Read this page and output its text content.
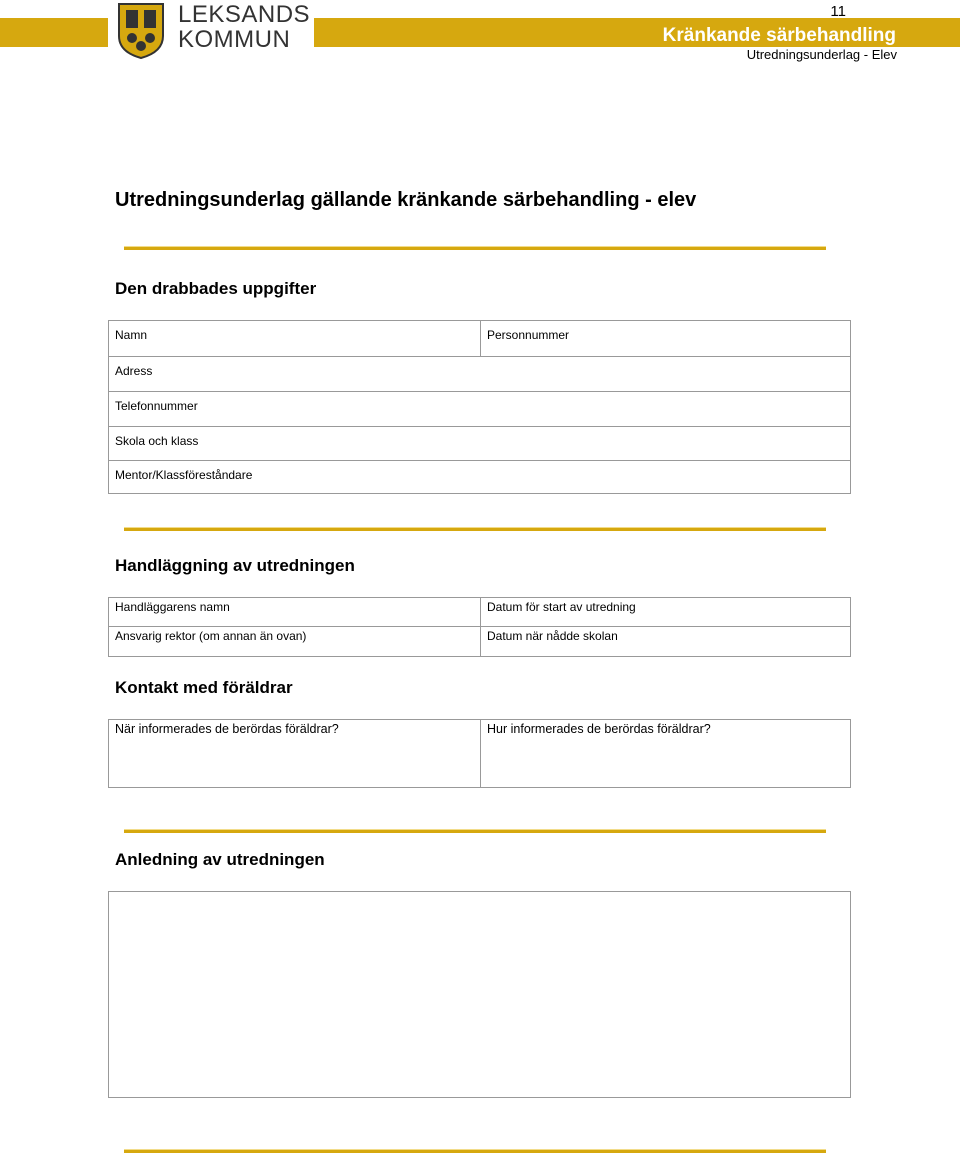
LEKSANDS
KOMMUN
11
Kränkande särbehandling
Utredningsunderlag - Elev
Utredningsunderlag gällande kränkande särbehandling - elev
Den drabbades uppgifter
Namn	Personnummer
Adress
Telefonnummer
Skola och klass
Mentor/Klassföreståndare
Handläggning av utredningen
Handläggarens namn	Datum för start av utredning
Ansvarig rektor (om annan än ovan)	Datum när nådde skolan
Kontakt med föräldrar
När informerades de berördas föräldrar?	Hur informerades de berördas föräldrar?
Anledning av utredningen
